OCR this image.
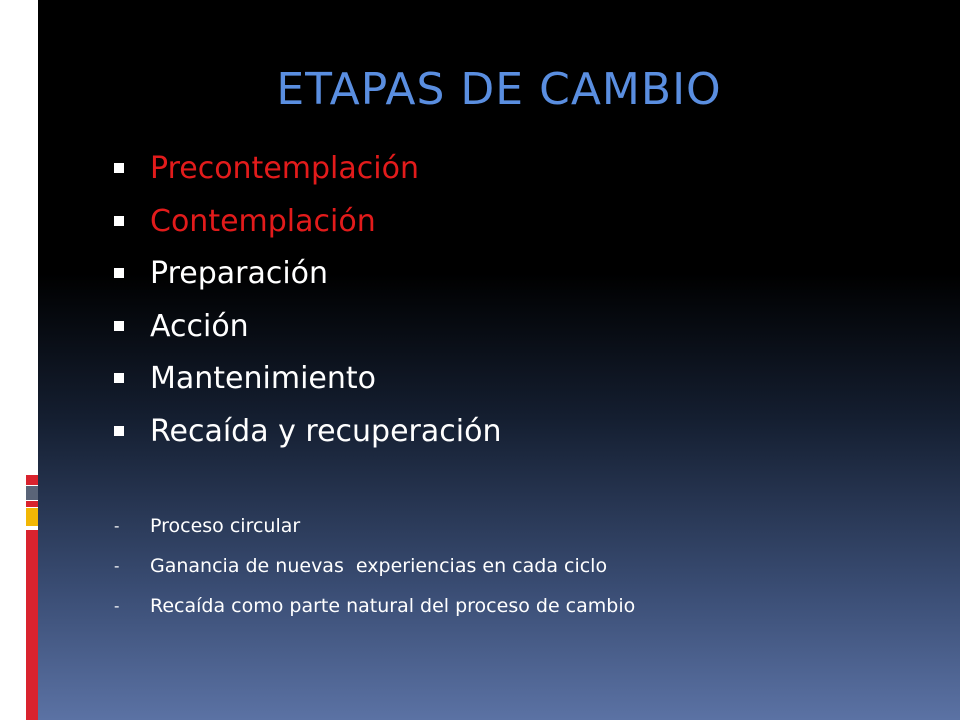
ETAPAS DE CAMBIO
Precontemplación
Contemplación
Preparación
Acción
Mantenimiento
Recaída y recuperación
- Proceso circular
- Ganancia de nuevas  experiencias en cada ciclo
- Recaída como parte natural del proceso de cambio
